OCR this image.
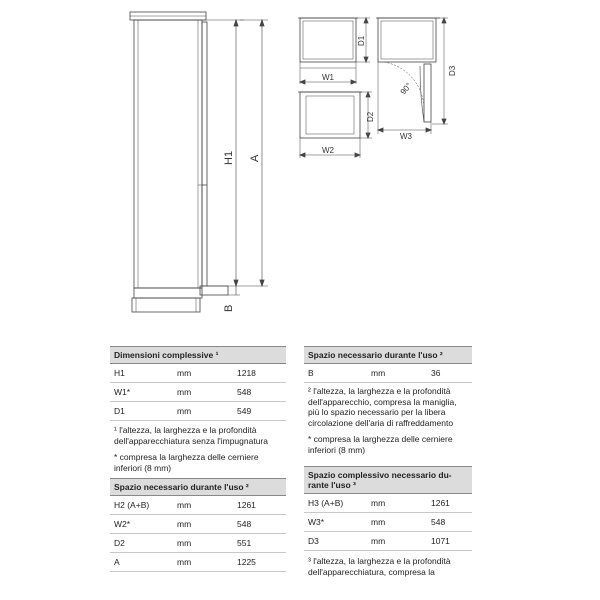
H1 A
B
D1
W1
D3
90°
W3
D2
W2
Dimensioni complessive ¹		
H1	mm	1218
W1*	mm	548
D1	mm	549
¹ l'altezza, la larghezza e la profondità
dell'apparecchiatura senza l'impugnatura
* compresa la larghezza delle cerniere
inferiori (8 mm)
Spazio necessario durante l'uso ²		
H2 (A+B)	mm	1261
W2*	mm	548
D2	mm	551
A	mm	1225
Spazio necessario durante l'uso ²
B	mm	36
² l'altezza, la larghezza e la profondità
dell'apparecchio, compresa la maniglia,
più lo spazio necessario per la libera
circolazione dell'aria di raffreddamento
* compresa la larghezza delle cerniere
inferiori (8 mm)
Spazio complessivo necessario du-
rante l'uso ³		

H3 (A+B)	mm	1261
W3*	mm	548
D3	mm	1071
³ l'altezza, la larghezza e la profondità
dell'apparecchiatura, compresa la
